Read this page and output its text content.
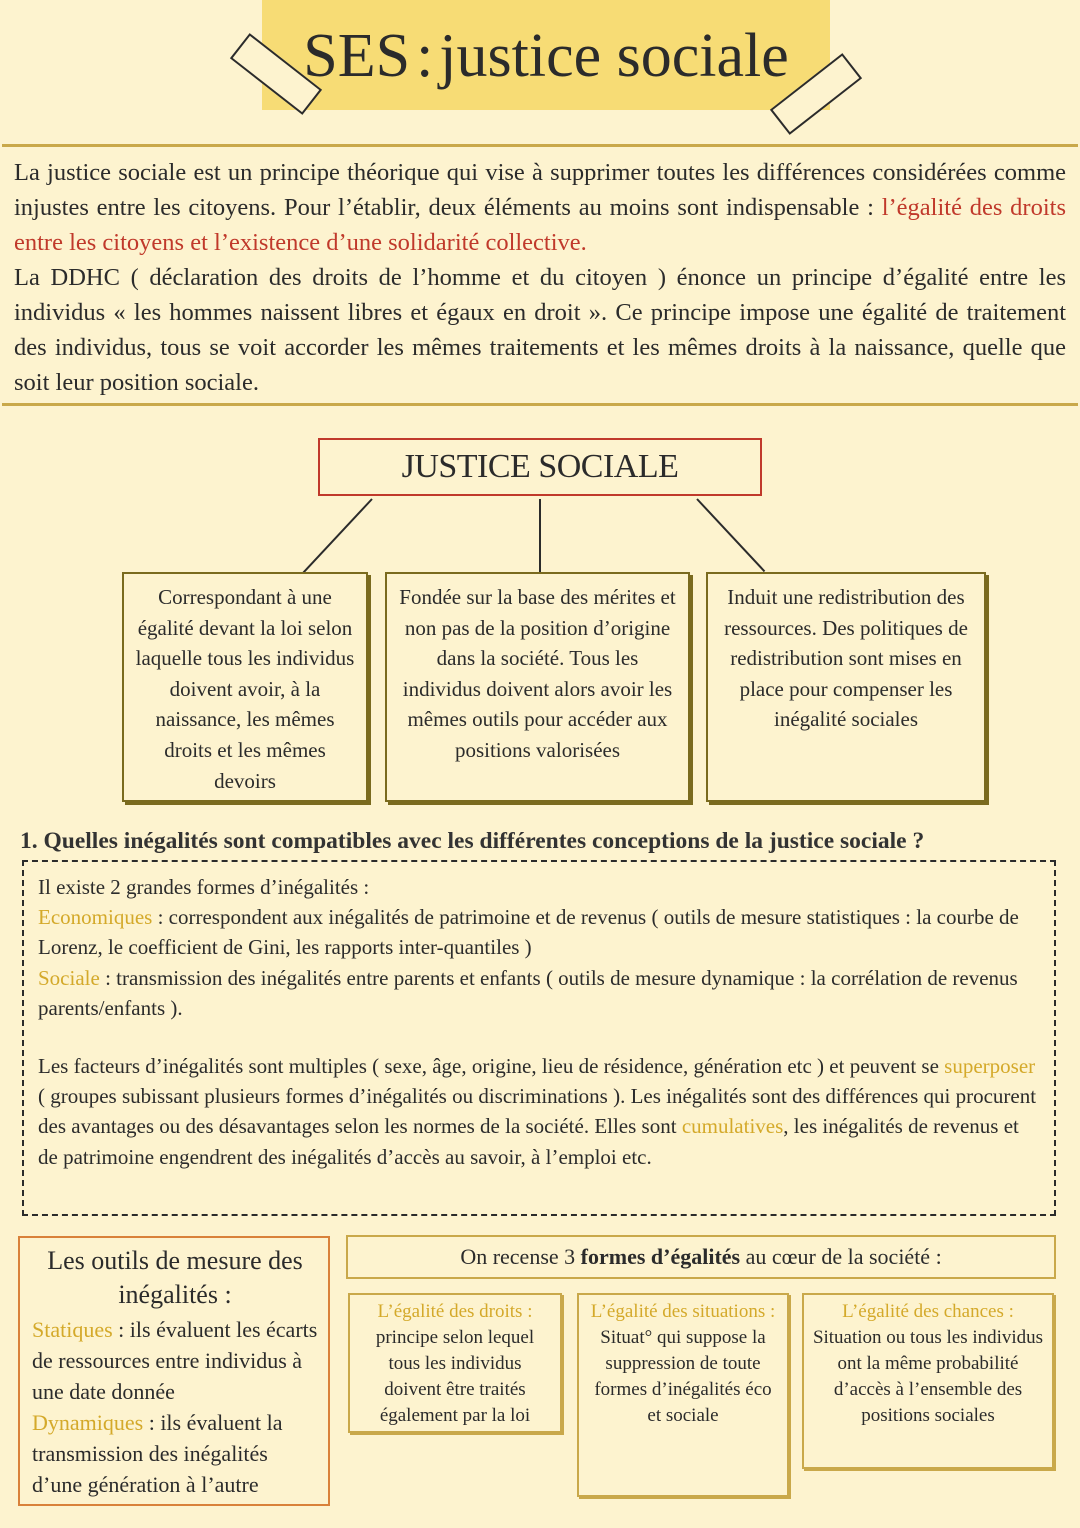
SES:justice sociale

La justice sociale est un principe théorique qui vise à supprimer toutes les différences considérées comme injustes entre les citoyens. Pour l’établir, deux éléments au moins sont indispensable : l’égalité des droits entre les citoyens et l’existence d’une solidarité collective.

La DDHC ( déclaration des droits de l’homme et du citoyen ) énonce un principe d’égalité entre les individus « les hommes naissent libres et égaux en droit ». Ce principe impose une égalité de traitement des individus, tous se voit accorder les mêmes traitements et les mêmes droits à la naissance, quelle que soit leur position sociale.

JUSTICE SOCIALE
Correspondant à une égalité devant la loi selon laquelle tous les individus doivent avoir, à la naissance, les mêmes droits et les mêmes devoirs
Fondée sur la base des mérites et non pas de la position d’origine dans la société. Tous les individus doivent alors avoir les mêmes outils pour accéder aux positions valorisées
Induit une redistribution des ressources. Des politiques de redistribution sont mises en place pour compenser les inégalité sociales
1. Quelles inégalités sont compatibles avec les différentes conceptions de la justice sociale ?

Il existe 2 grandes formes d’inégalités :

Economiques : correspondent aux inégalités de patrimoine et de revenus ( outils de mesure statistiques : la courbe de Lorenz, le coefficient de Gini, les rapports inter-quantiles )

Sociale : transmission des inégalités entre parents et enfants ( outils de mesure dynamique : la corrélation de revenus parents/enfants ).

Les facteurs d’inégalités sont multiples ( sexe, âge, origine, lieu de résidence, génération etc ) et peuvent se superposer ( groupes subissant plusieurs formes d’inégalités ou discriminations ). Les inégalités sont des différences qui procurent des avantages ou des désavantages selon les normes de la société. Elles sont cumulatives, les inégalités de revenus et de patrimoine engendrent des inégalités d’accès au savoir, à l’emploi etc.

Les outils de mesure des inégalités :

Statiques : ils évaluent les écarts de ressources entre individus à une date donnée

Dynamiques : ils évaluent la transmission des inégalités d’une génération à l’autre

On recense 3 formes d’égalités au cœur de la société :
L’égalité des droits :
principe selon lequel tous les individus doivent être traités également par la loi
L’égalité des situations :
Situat° qui suppose la suppression de toute formes d’inégalités éco et sociale
L’égalité des chances :
Situation ou tous les individus ont la même probabilité d’accès à l’ensemble des positions sociales
